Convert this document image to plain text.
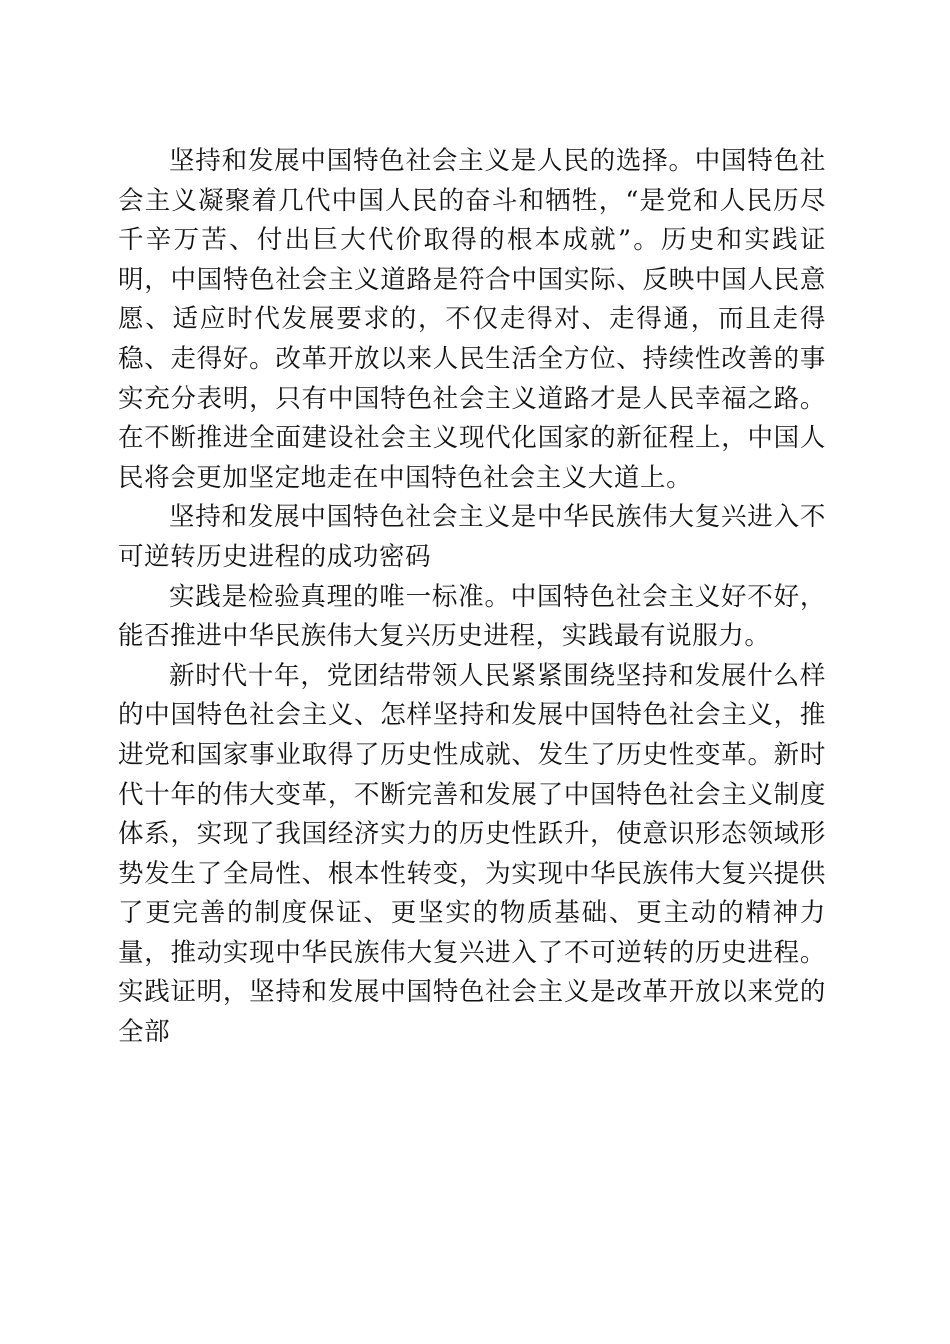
坚持和发展中国特色社会主义是人民的选择。中国特色社会主义凝聚着几代中国人民的奋斗和牺牲，“是党和人民历尽千辛万苦、付出巨大代价取得的根本成就”。历史和实践证明，中国特色社会主义道路是符合中国实际、反映中国人民意愿、适应时代发展要求的，不仅走得对、走得通，而且走得稳、走得好。改革开放以来人民生活全方位、持续性改善的事实充分表明，只有中国特色社会主义道路才是人民幸福之路。在不断推进全面建设社会主义现代化国家的新征程上，中国人民将会更加坚定地走在中国特色社会主义大道上。

坚持和发展中国特色社会主义是中华民族伟大复兴进入不可逆转历史进程的成功密码

实践是检验真理的唯一标准。中国特色社会主义好不好，能否推进中华民族伟大复兴历史进程，实践最有说服力。

新时代十年，党团结带领人民紧紧围绕坚持和发展什么样的中国特色社会主义、怎样坚持和发展中国特色社会主义，推进党和国家事业取得了历史性成就、发生了历史性变革。新时代十年的伟大变革，不断完善和发展了中国特色社会主义制度体系，实现了我国经济实力的历史性跃升，使意识形态领域形势发生了全局性、根本性转变，为实现中华民族伟大复兴提供了更完善的制度保证、更坚实的物质基础、更主动的精神力量，推动实现中华民族伟大复兴进入了不可逆转的历史进程。实践证明，坚持和发展中国特色社会主义是改革开放以来党的全部
